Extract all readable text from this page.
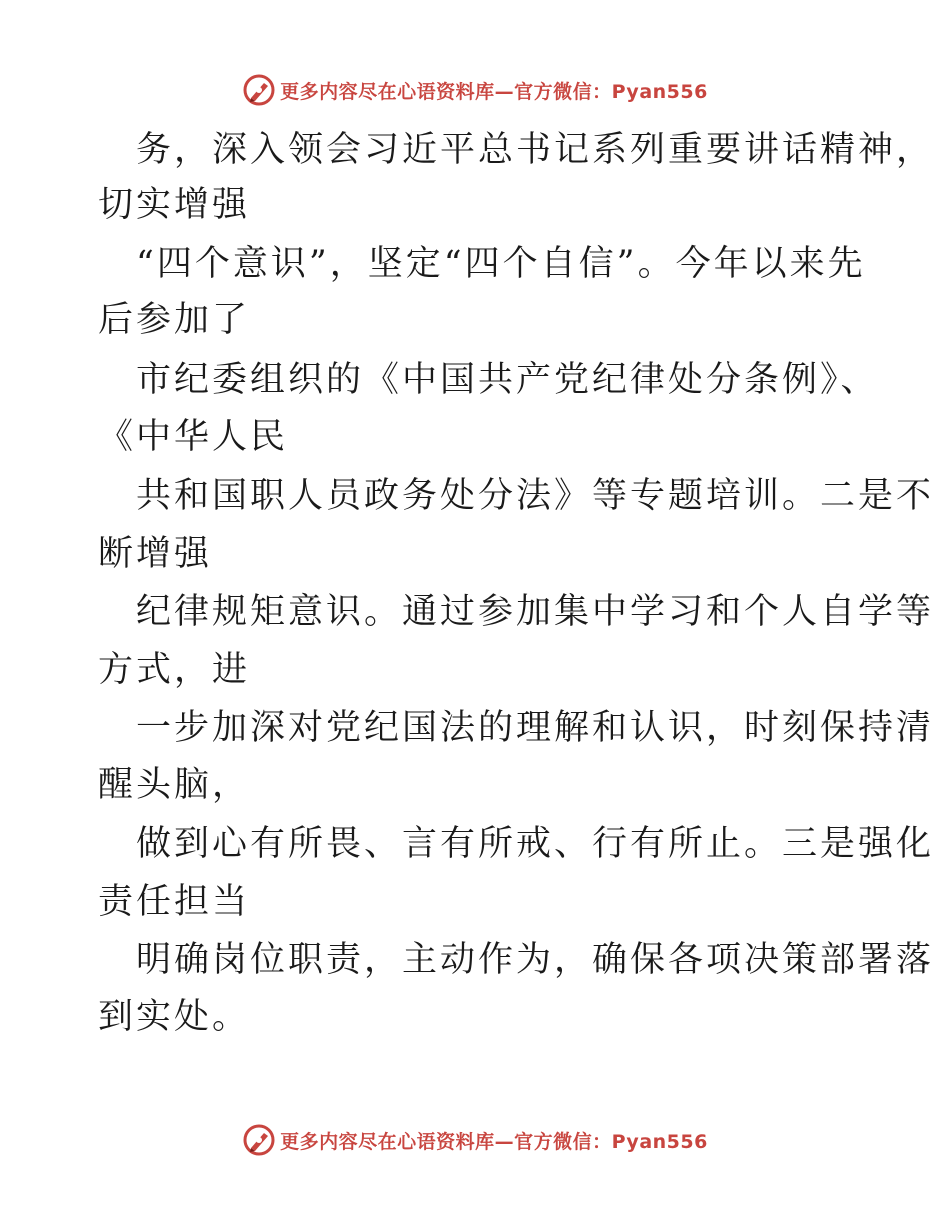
更多内容尽在心语资料库—官方微信：Pyan556
务，深入领会习近平总书记系列重要讲话精神，
切实增强
“四个意识”，坚定“四个自信”。今年以来先
后参加了
市纪委组织的《中国共产党纪律处分条例》、
《中华人民
共和国职人员政务处分法》等专题培训。二是不
断增强
纪律规矩意识。通过参加集中学习和个人自学等
方式，进
一步加深对党纪国法的理解和认识，时刻保持清
醒头脑，
做到心有所畏、言有所戒、行有所止。三是强化
责任担当
明确岗位职责，主动作为，确保各项决策部署落
到实处。
更多内容尽在心语资料库—官方微信：Pyan556
